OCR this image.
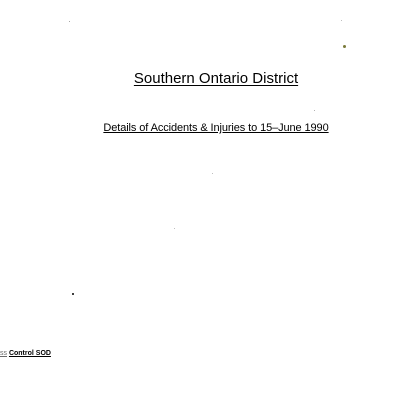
Southern Ontario District
Details of Accidents & Injuries to 15–June 1990
ss Control SOD
